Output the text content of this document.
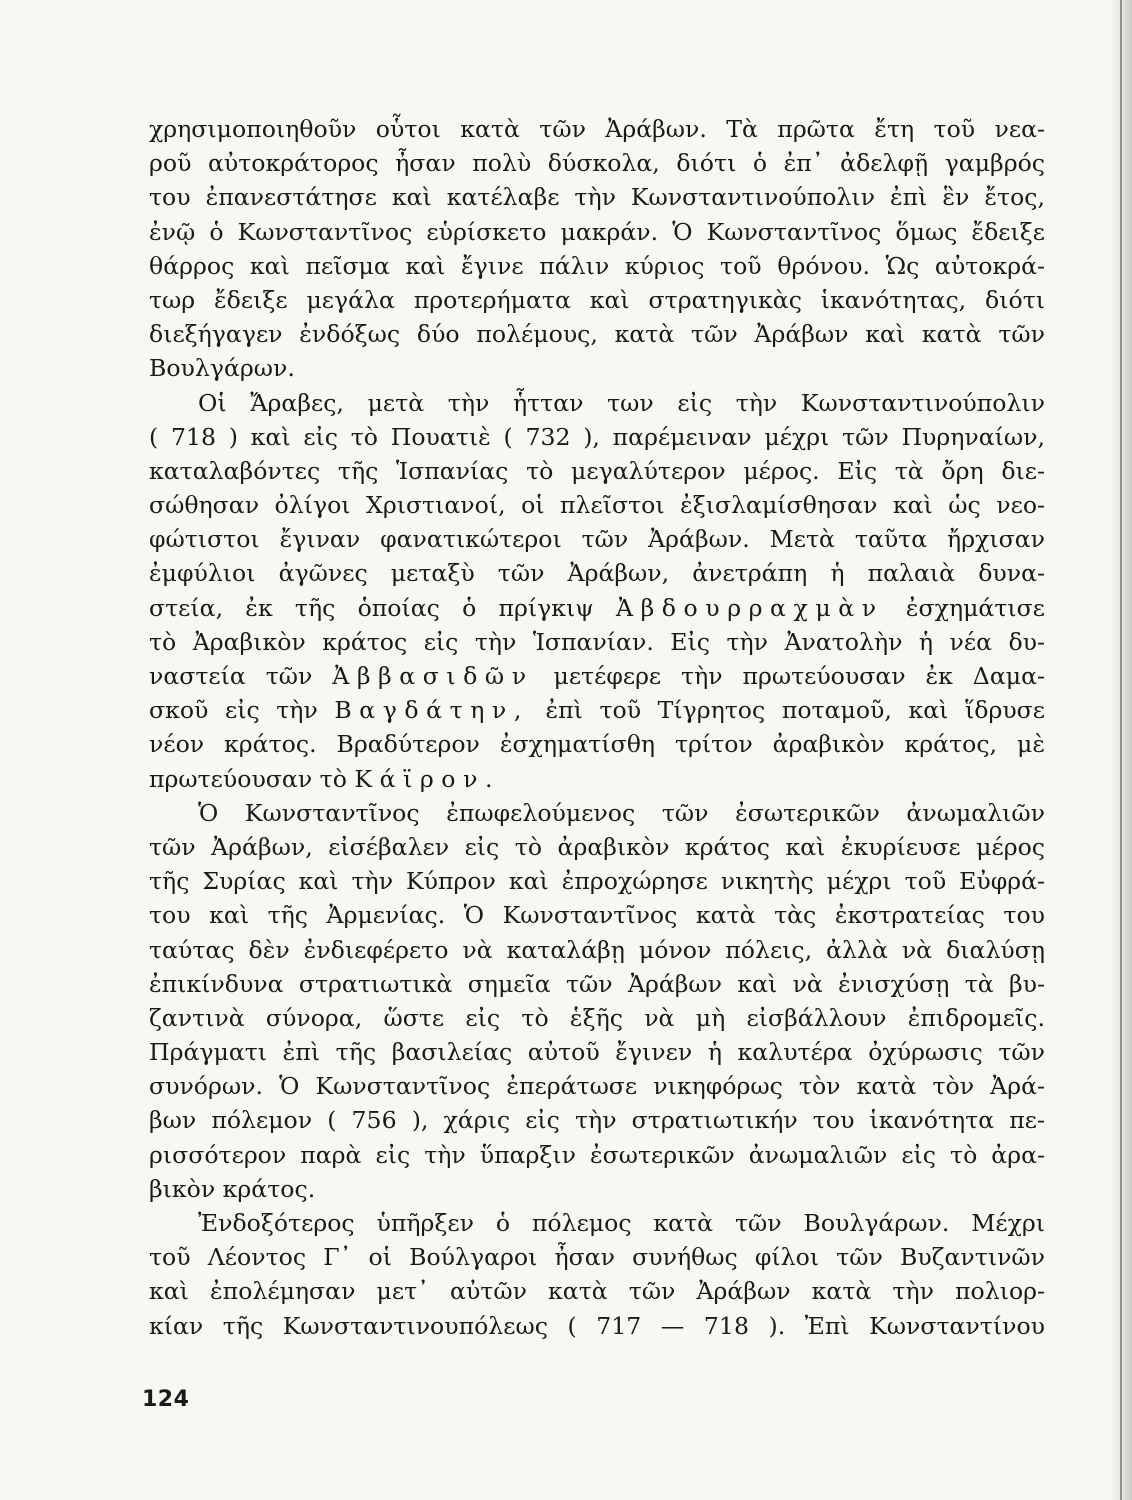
χρησιμοποιηθοῦν οὗτοι κατὰ τῶν Ἀράβων. Τὰ πρῶτα ἔτη τοῦ νεα-
ροῦ αὐτοκράτορος ἦσαν πολὺ δύσκολα, διότι ὁ ἐπ᾽ ἀδελφῇ γαμβρός
του ἐπανεστάτησε καὶ κατέλαβε τὴν Κωνσταντινούπολιν ἐπὶ ἓν ἔτος,
ἐνῷ ὁ Κωνσταντῖνος εὑρίσκετο μακράν. Ὁ Κωνσταντῖνος ὅμως ἔδειξε
θάρρος καὶ πεῖσμα καὶ ἔγινε πάλιν κύριος τοῦ θρόνου. Ὡς αὐτοκρά-
τωρ ἔδειξε μεγάλα προτερήματα καὶ στρατηγικὰς ἱκανότητας, διότι
διεξήγαγεν ἐνδόξως δύο πολέμους, κατὰ τῶν Ἀράβων καὶ κατὰ τῶν
Βουλγάρων.
Οἱ Ἄραβες, μετὰ τὴν ἧτταν των εἰς τὴν Κωνσταντινούπολιν
( 718 ) καὶ εἰς τὸ Πουατιὲ ( 732 ), παρέμειναν μέχρι τῶν Πυρηναίων,
καταλαβόντες τῆς Ἱσπανίας τὸ μεγαλύτερον μέρος. Εἰς τὰ ὄρη διε-
σώθησαν ὀλίγοι Χριστιανοί, οἱ πλεῖστοι ἐξισλαμίσθησαν καὶ ὡς νεο-
φώτιστοι ἔγιναν φανατικώτεροι τῶν Ἀράβων. Μετὰ ταῦτα ἤρχισαν
ἐμφύλιοι ἀγῶνες μεταξὺ τῶν Ἀράβων, ἀνετράπη ἡ παλαιὰ δυνα-
στεία, ἐκ τῆς ὁποίας ὁ πρίγκιψ Ἀβδουρραχμὰν ἐσχημάτισε
τὸ Ἀραβικὸν κράτος εἰς τὴν Ἱσπανίαν. Εἰς τὴν Ἀνατολὴν ἡ νέα δυ-
ναστεία τῶν Ἀββασιδῶν μετέφερε τὴν πρωτεύουσαν ἐκ Δαμα-
σκοῦ εἰς τὴν Βαγδάτην, ἐπὶ τοῦ Τίγρητος ποταμοῦ, καὶ ἵδρυσε
νέον κράτος. Βραδύτερον ἐσχηματίσθη τρίτον ἀραβικὸν κράτος, μὲ
πρωτεύουσαν τὸ Κάϊρον.
Ὁ Κωνσταντῖνος ἐπωφελούμενος τῶν ἐσωτερικῶν ἀνωμαλιῶν
τῶν Ἀράβων, εἰσέβαλεν εἰς τὸ ἀραβικὸν κράτος καὶ ἐκυρίευσε μέρος
τῆς Συρίας καὶ τὴν Κύπρον καὶ ἐπροχώρησε νικητὴς μέχρι τοῦ Εὐφρά-
του καὶ τῆς Ἀρμενίας. Ὁ Κωνσταντῖνος κατὰ τὰς ἐκστρατείας του
ταύτας δὲν ἐνδιεφέρετο νὰ καταλάβῃ μόνον πόλεις, ἀλλὰ νὰ διαλύσῃ
ἐπικίνδυνα στρατιωτικὰ σημεῖα τῶν Ἀράβων καὶ νὰ ἐνισχύσῃ τὰ βυ-
ζαντινὰ σύνορα, ὥστε εἰς τὸ ἑξῆς νὰ μὴ εἰσβάλλουν ἐπιδρομεῖς.
Πράγματι ἐπὶ τῆς βασιλείας αὐτοῦ ἔγινεν ἡ καλυτέρα ὀχύρωσις τῶν
συνόρων. Ὁ Κωνσταντῖνος ἐπεράτωσε νικηφόρως τὸν κατὰ τὸν Ἀρά-
βων πόλεμον ( 756 ), χάρις εἰς τὴν στρατιωτικήν του ἱκανότητα πε-
ρισσότερον παρὰ εἰς τὴν ὕπαρξιν ἐσωτερικῶν ἀνωμαλιῶν εἰς τὸ ἀρα-
βικὸν κράτος.
Ἐνδοξότερος ὑπῆρξεν ὁ πόλεμος κατὰ τῶν Βουλγάρων. Μέχρι
τοῦ Λέοντος Γ᾽ οἱ Βούλγαροι ἦσαν συνήθως φίλοι τῶν Βυζαντινῶν
καὶ ἐπολέμησαν μετ᾽ αὐτῶν κατὰ τῶν Ἀράβων κατὰ τὴν πολιορ-
κίαν τῆς Κωνσταντινουπόλεως ( 717 — 718 ). Ἐπὶ Κωνσταντίνου
124
